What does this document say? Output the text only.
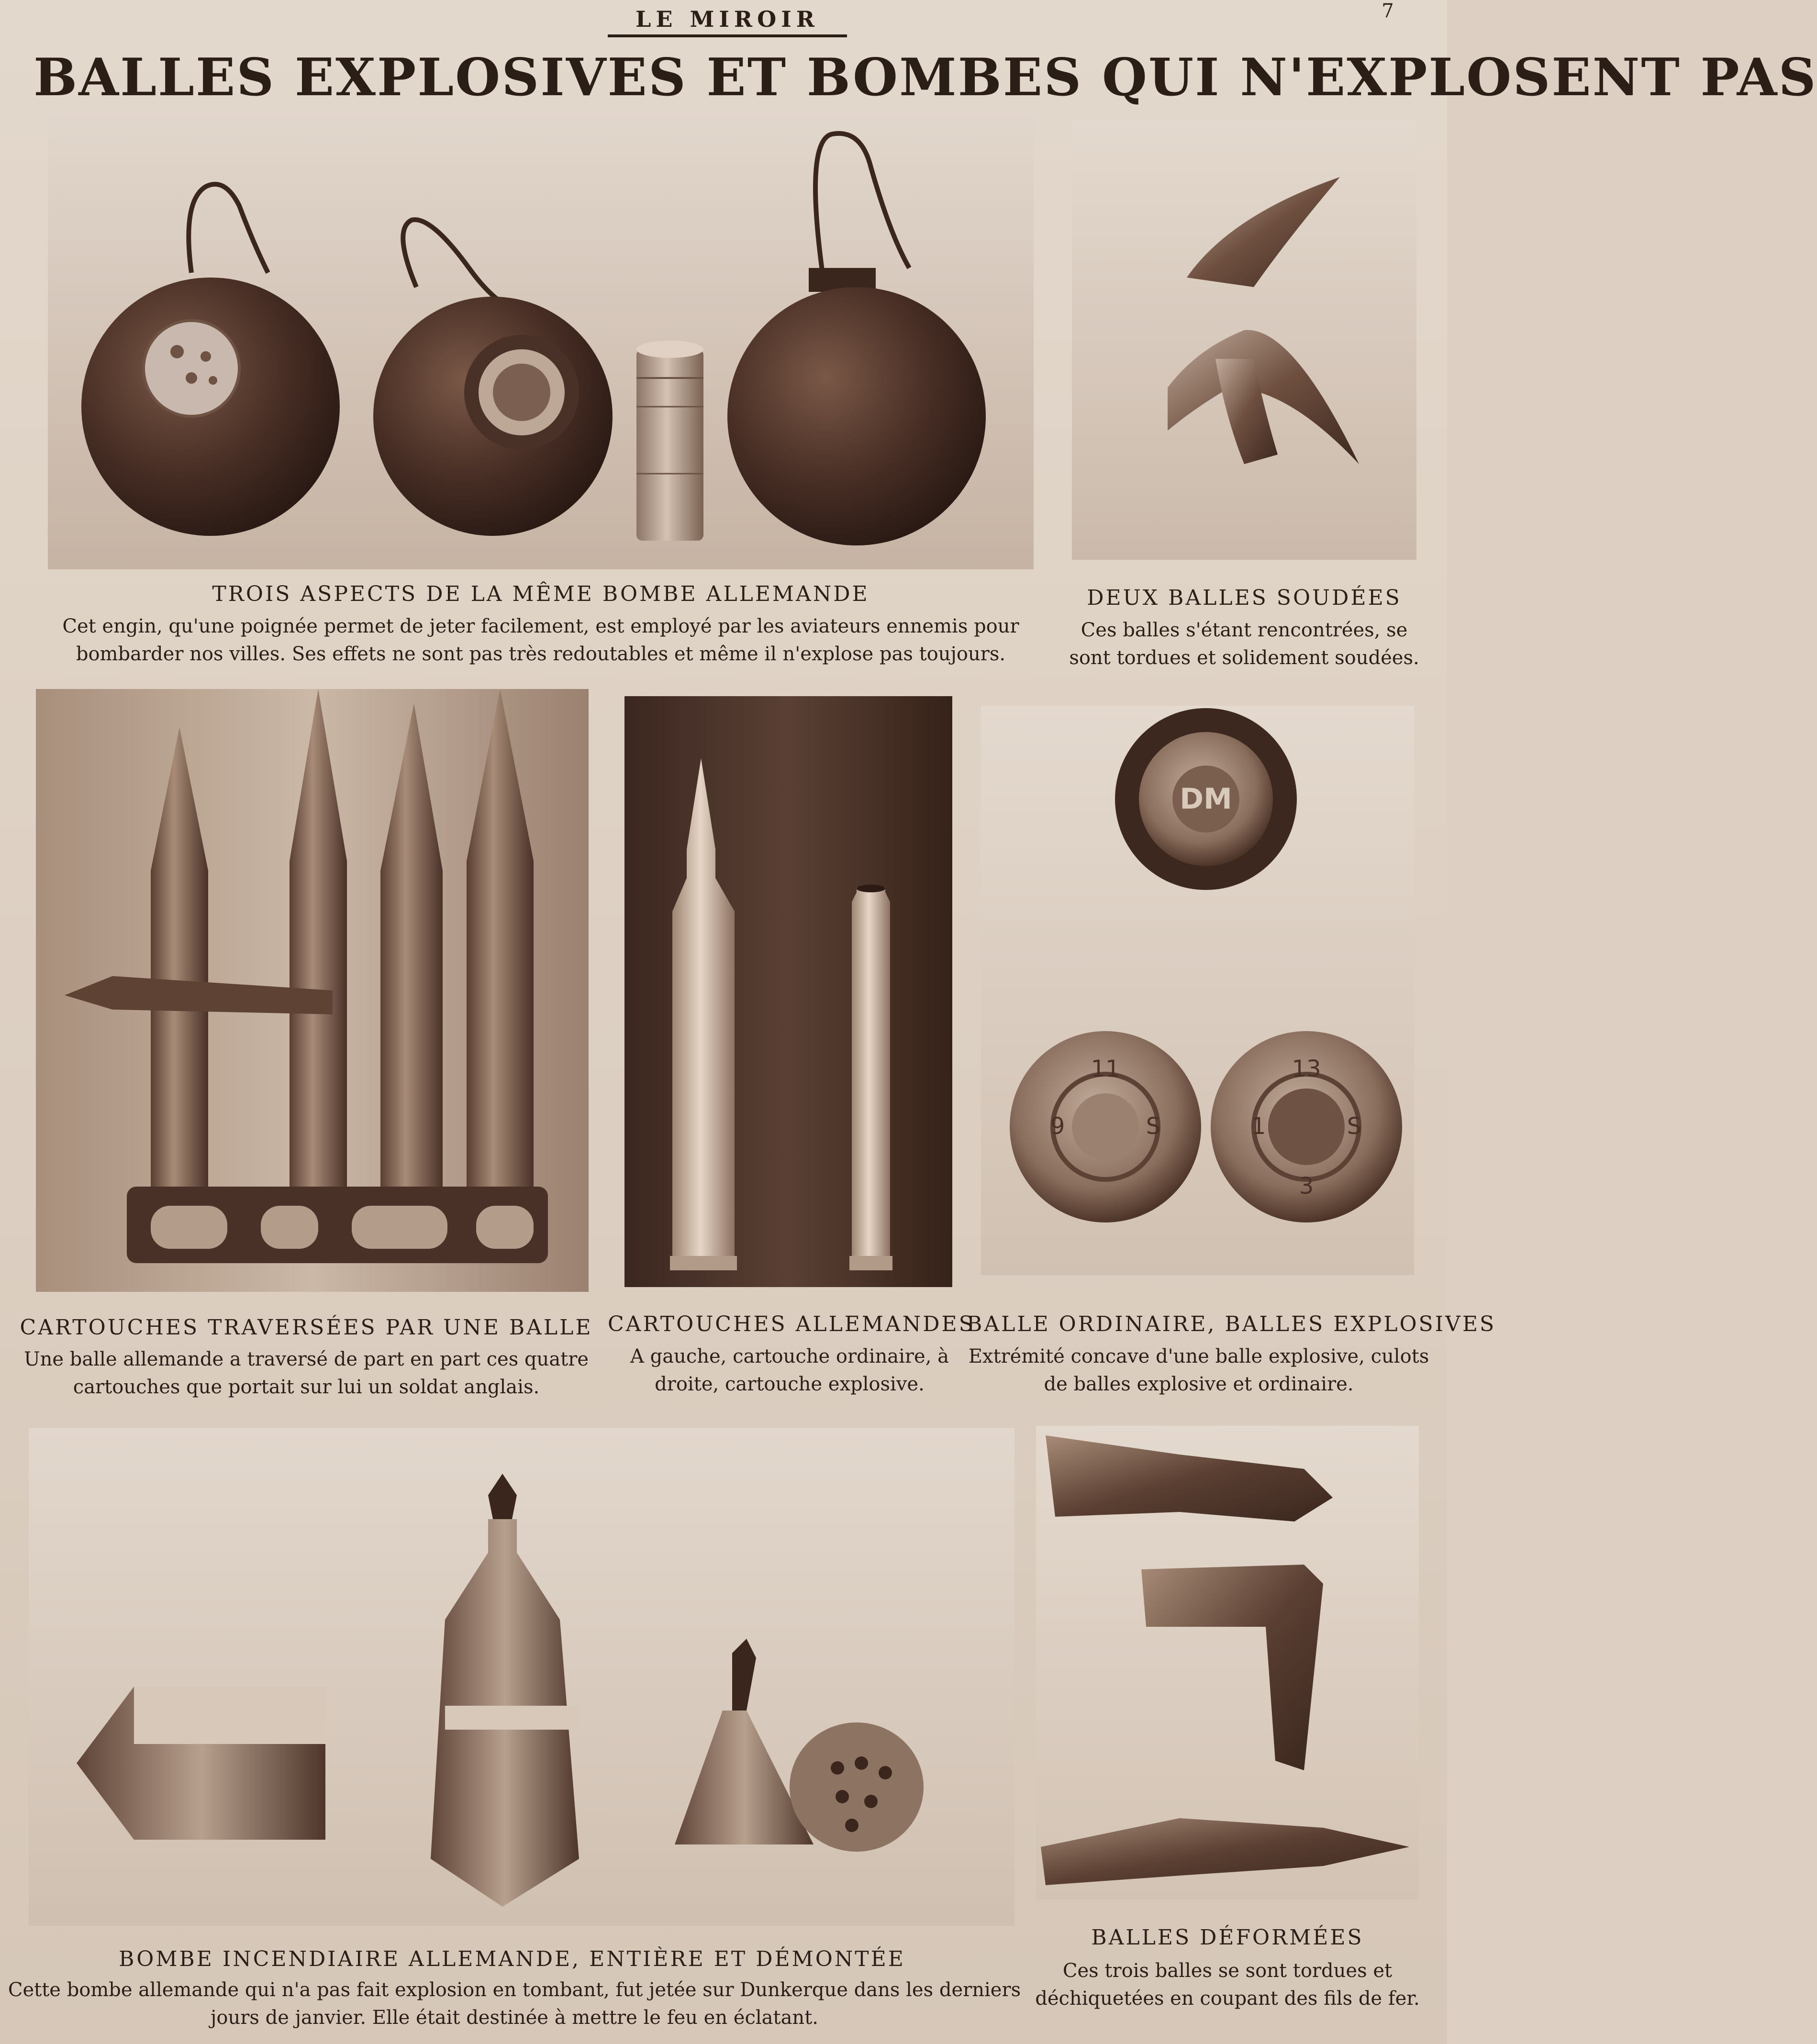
LE MIROIR	7
BALLES EXPLOSIVES ET BOMBES QUI N'EXPLOSENT PAS
TROIS ASPECTS DE LA MÊME BOMBE ALLEMANDE
Cet engin, qu'une poignée permet de jeter facilement, est employé par les aviateurs ennemis pour bombarder nos villes. Ses effets ne sont pas très redoutables et même il n'explose pas toujours.
DEUX BALLES SOUDÉES
Ces balles s'étant rencontrées, se sont tordues et solidement soudées.
DM
11
9	S
13
1	S
3
CARTOUCHES TRAVERSÉES PAR UNE BALLE
Une balle allemande a traversé de part en part ces quatre cartouches que portait sur lui un soldat anglais.
CARTOUCHES ALLEMANDES
A gauche, cartouche ordinaire, à droite, cartouche explosive.
BALLE ORDINAIRE, BALLES EXPLOSIVES
Extrémité concave d'une balle explosive, culots de balles explosive et ordinaire.
BOMBE INCENDIAIRE ALLEMANDE, ENTIÈRE ET DÉMONTÉE
Cette bombe allemande qui n'a pas fait explosion en tombant, fut jetée sur Dunkerque dans les derniers jours de janvier. Elle était destinée à mettre le feu en éclatant.
BALLES DÉFORMÉES
Ces trois balles se sont tordues et déchiquetées en coupant des fils de fer.
